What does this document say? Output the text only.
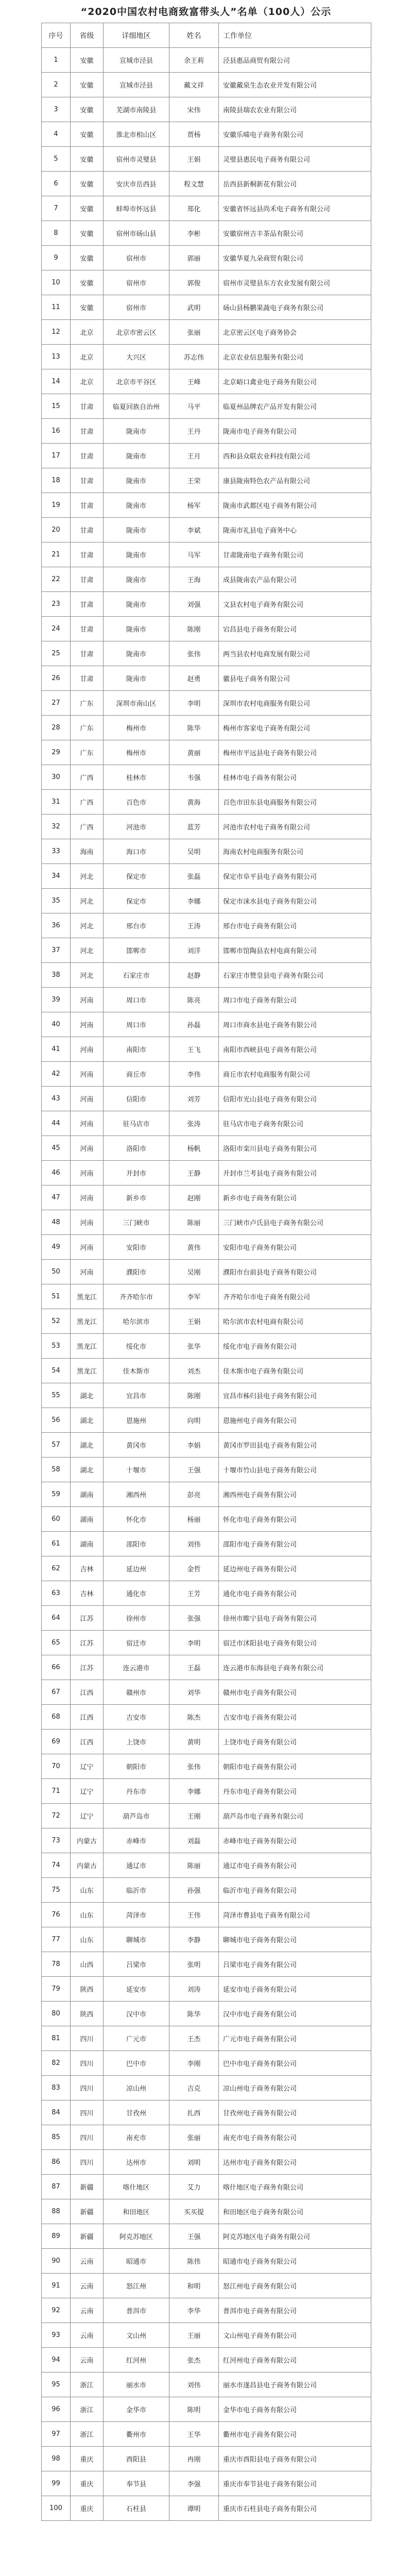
“2020中国农村电商致富带头人”名单（100人）公示
序号	省级	详细地区	姓名	工作单位
1	安徽	宣城市泾县	余王莉	泾县惠品商贸有限公司
2	安徽	宣城市泾县	戴文祥	安徽戴泉生态农业开发有限公司
3	安徽	芜湖市南陵县	宋伟	南陵县瑞农农业有限公司
4	安徽	淮北市相山区	贾杨	安徽乐喵电子商务有限公司
5	安徽	宿州市灵璧县	王娟	灵璧县惠民电子商务有限公司
6	安徽	安庆市岳西县	程文慧	岳西县新桐新花有限公司
7	安徽	蚌埠市怀远县	郑化	安徽省怀远县尚禾电子商务有限公司
8	安徽	宿州市砀山县	李彬	安徽宿州吉丰茶品有限公司
9	安徽	宿州市	郭丽	安徽华夏九朵商贸有限公司
10	安徽	宿州市	郭俊	宿州市灵璧县东方农业发展有限公司
11	安徽	宿州市	武明	砀山县杨鹏果蔬电子商务有限公司
12	北京	北京市密云区	张丽	北京密云区电子商务协会
13	北京	大兴区	苏志伟	北京农业信息服务有限公司
14	北京	北京市平谷区	王峰	北京峪口禽业电子商务有限公司
15	甘肃	临夏回族自治州	马平	临夏州品牌农产品开发有限公司
16	甘肃	陇南市	王丹	陇南市电子商务有限公司
17	甘肃	陇南市	王月	西和县众联农业科技有限公司
18	甘肃	陇南市	王荣	康县陇南特色农产品有限公司
19	甘肃	陇南市	杨军	陇南市武都区电子商务有限公司
20	甘肃	陇南市	李斌	陇南市礼县电子商务中心
21	甘肃	陇南市	马军	甘肃陇南电子商务有限公司
22	甘肃	陇南市	王海	成县陇南农产品有限公司
23	甘肃	陇南市	刘强	文县农村电子商务有限公司
24	甘肃	陇南市	陈刚	宕昌县电子商务有限公司
25	甘肃	陇南市	张伟	两当县农村电商发展有限公司
26	甘肃	陇南市	赵勇	徽县电子商务有限公司
27	广东	深圳市南山区	李明	深圳市农村电商服务有限公司
28	广东	梅州市	陈华	梅州市客家电子商务有限公司
29	广东	梅州市	黄丽	梅州市平远县电子商务有限公司
30	广西	桂林市	韦强	桂林市电子商务有限公司
31	广西	百色市	黄海	百色市田东县电商服务有限公司
32	广西	河池市	蓝芳	河池市农村电子商务有限公司
33	海南	海口市	吴明	海南农村电商服务有限公司
34	河北	保定市	张磊	保定市阜平县电子商务有限公司
35	河北	保定市	李娜	保定市涞水县电子商务有限公司
36	河北	邢台市	王涛	邢台市电子商务有限公司
37	河北	邯郸市	刘洋	邯郸市馆陶县农村电商有限公司
38	河北	石家庄市	赵静	石家庄市赞皇县电子商务有限公司
39	河南	周口市	陈亮	周口市电子商务有限公司
40	河南	周口市	孙磊	周口市商水县电子商务有限公司
41	河南	南阳市	王飞	南阳市西峡县电子商务有限公司
42	河南	商丘市	李伟	商丘市农村电商服务有限公司
43	河南	信阳市	刘芳	信阳市光山县电子商务有限公司
44	河南	驻马店市	张涛	驻马店市电子商务有限公司
45	河南	洛阳市	杨帆	洛阳市栾川县电子商务有限公司
46	河南	开封市	王静	开封市兰考县电子商务有限公司
47	河南	新乡市	赵刚	新乡市电子商务有限公司
48	河南	三门峡市	陈丽	三门峡市卢氏县电子商务有限公司
49	河南	安阳市	黄伟	安阳市电子商务有限公司
50	河南	濮阳市	吴刚	濮阳市台前县电子商务有限公司
51	黑龙江	齐齐哈尔市	李军	齐齐哈尔市电子商务有限公司
52	黑龙江	哈尔滨市	王娟	哈尔滨市农村电商有限公司
53	黑龙江	绥化市	张华	绥化市电子商务有限公司
54	黑龙江	佳木斯市	刘杰	佳木斯市电子商务有限公司
55	湖北	宜昌市	陈刚	宜昌市秭归县电子商务有限公司
56	湖北	恩施州	向明	恩施州电子商务有限公司
57	湖北	黄冈市	李娟	黄冈市罗田县电子商务有限公司
58	湖北	十堰市	王强	十堰市竹山县电子商务有限公司
59	湖南	湘西州	彭亮	湘西州电子商务有限公司
60	湖南	怀化市	杨丽	怀化市电子商务有限公司
61	湖南	邵阳市	刘伟	邵阳市电子商务有限公司
62	吉林	延边州	金哲	延边州电子商务有限公司
63	吉林	通化市	王芳	通化市电子商务有限公司
64	江苏	徐州市	张强	徐州市睢宁县电子商务有限公司
65	江苏	宿迁市	李明	宿迁市沭阳县电子商务有限公司
66	江苏	连云港市	王磊	连云港市东海县电子商务有限公司
67	江西	赣州市	刘华	赣州市电子商务有限公司
68	江西	吉安市	陈杰	吉安市电子商务有限公司
69	江西	上饶市	黄明	上饶市电子商务有限公司
70	辽宁	朝阳市	张伟	朝阳市电子商务有限公司
71	辽宁	丹东市	李娜	丹东市电子商务有限公司
72	辽宁	葫芦岛市	王刚	葫芦岛市电子商务有限公司
73	内蒙古	赤峰市	刘磊	赤峰市电子商务有限公司
74	内蒙古	通辽市	陈丽	通辽市电子商务有限公司
75	山东	临沂市	孙强	临沂市电子商务有限公司
76	山东	菏泽市	王伟	菏泽市曹县电子商务有限公司
77	山东	聊城市	李静	聊城市电子商务有限公司
78	山西	吕梁市	张明	吕梁市电子商务有限公司
79	陕西	延安市	刘涛	延安市电子商务有限公司
80	陕西	汉中市	陈华	汉中市电子商务有限公司
81	四川	广元市	王杰	广元市电子商务有限公司
82	四川	巴中市	李刚	巴中市电子商务有限公司
83	四川	凉山州	吉克	凉山州电子商务有限公司
84	四川	甘孜州	扎西	甘孜州电子商务有限公司
85	四川	南充市	张丽	南充市电子商务有限公司
86	四川	达州市	刘明	达州市电子商务有限公司
87	新疆	喀什地区	艾力	喀什地区电子商务有限公司
88	新疆	和田地区	买买提	和田地区电子商务有限公司
89	新疆	阿克苏地区	王强	阿克苏地区电子商务有限公司
90	云南	昭通市	陈伟	昭通市电子商务有限公司
91	云南	怒江州	和明	怒江州电子商务有限公司
92	云南	普洱市	李华	普洱市电子商务有限公司
93	云南	文山州	王丽	文山州电子商务有限公司
94	云南	红河州	张杰	红河州电子商务有限公司
95	浙江	丽水市	刘伟	丽水市遂昌县电子商务有限公司
96	浙江	金华市	陈明	金华市电子商务有限公司
97	浙江	衢州市	王华	衢州市电子商务有限公司
98	重庆	酉阳县	冉刚	重庆市酉阳县电子商务有限公司
99	重庆	奉节县	李强	重庆市奉节县电子商务有限公司
100	重庆	石柱县	谭明	重庆市石柱县电子商务有限公司
